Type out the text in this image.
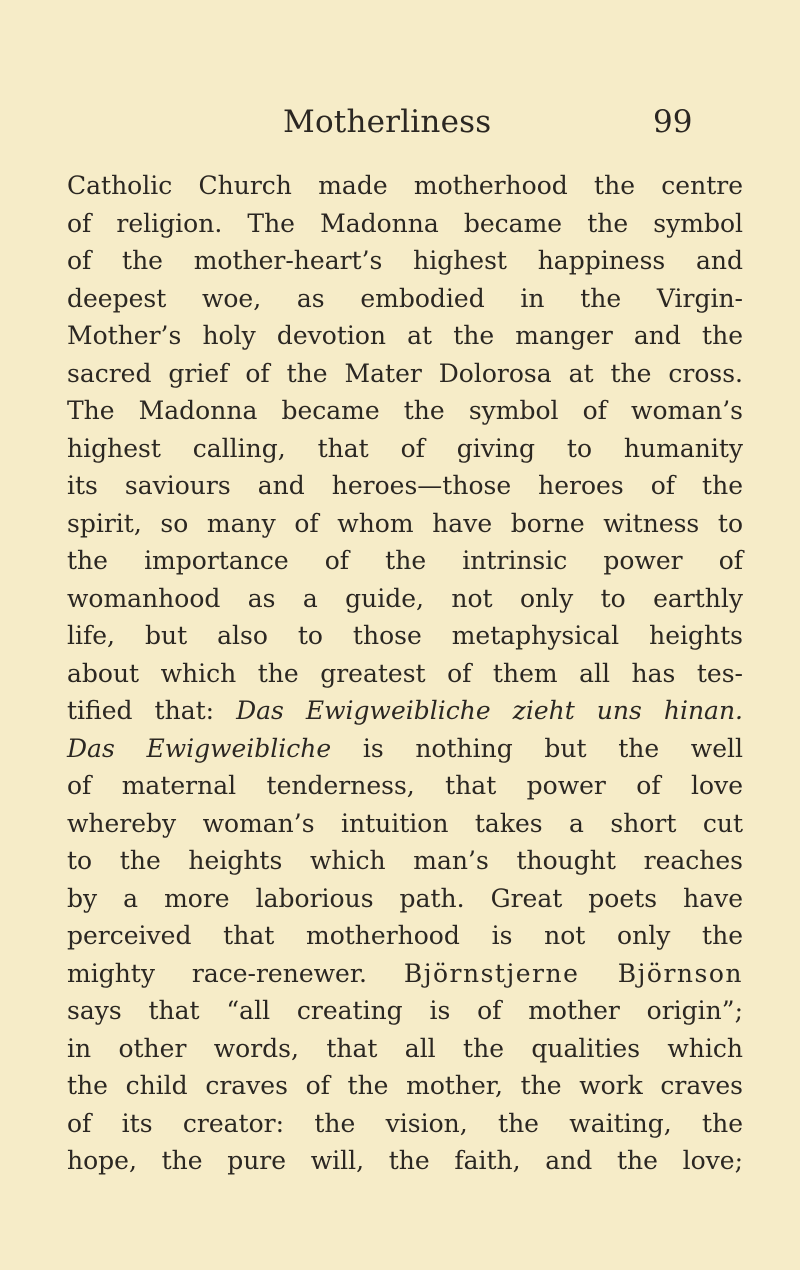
Motherliness	99
Catholic Church made motherhood the centre
of religion. The Madonna became the symbol
of the mother-heart’s highest happiness and
deepest woe, as embodied in the Virgin-
Mother’s holy devotion at the manger and the
sacred grief of the Mater Dolorosa at the cross.
The Madonna became the symbol of woman’s
highest calling, that of giving to humanity
its saviours and heroes—those heroes of the
spirit, so many of whom have borne witness to
the importance of the intrinsic power of
womanhood as a guide, not only to earthly
life, but also to those metaphysical heights
about which the greatest of them all has tes-
tified that: Das Ewigweibliche zieht uns hinan.
Das Ewigweibliche is nothing but the well
of maternal tenderness, that power of love
whereby woman’s intuition takes a short cut
to the heights which man’s thought reaches
by a more laborious path. Great poets have
perceived that motherhood is not only the
mighty race-renewer. Björnstjerne Björnson
says that “all creating is of mother origin”;
in other words, that all the qualities which
the child craves of the mother, the work craves
of its creator: the vision, the waiting, the
hope, the pure will, the faith, and the love;
